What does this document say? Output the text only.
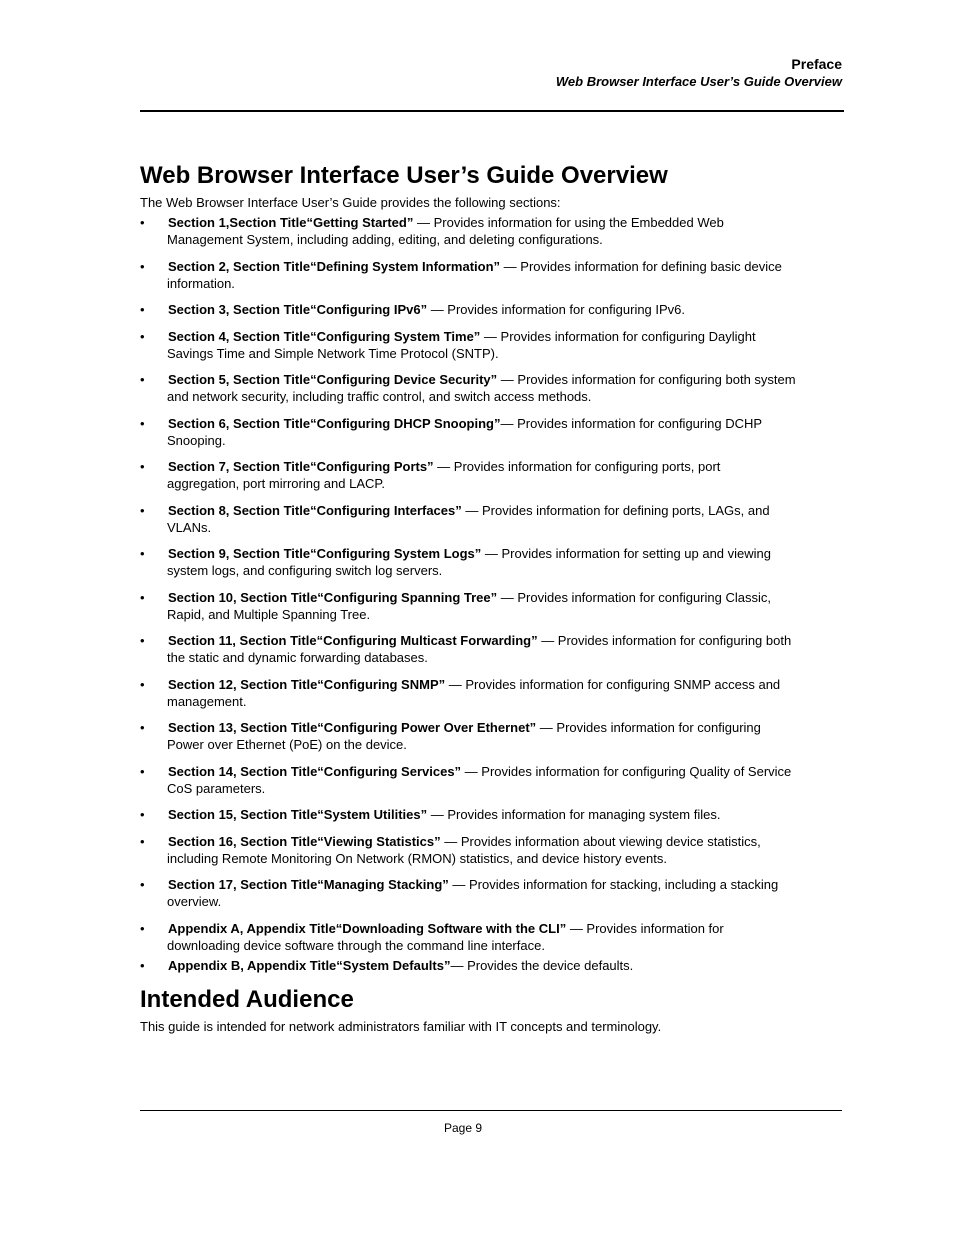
Preface
Web Browser Interface User’s Guide Overview
Web Browser Interface User’s Guide Overview

The Web Browser Interface User’s Guide provides the following sections:

•	Section 1,Section Title“Getting Started” — Provides information for using the Embedded Web
Management System, including adding, editing, and deleting configurations.
•	Section 2, Section Title“Defining System Information” — Provides information for defining basic device
information.
•	Section 3, Section Title“Configuring IPv6” — Provides information for configuring IPv6.
•	Section 4, Section Title“Configuring System Time” — Provides information for configuring Daylight
Savings Time and Simple Network Time Protocol (SNTP).
•	Section 5, Section Title“Configuring Device Security” — Provides information for configuring both system
and network security, including traffic control, and switch access methods.
•	Section 6, Section Title“Configuring DHCP Snooping”— Provides information for configuring DCHP
Snooping.
•	Section 7, Section Title“Configuring Ports” — Provides information for configuring ports, port
aggregation, port mirroring and LACP.
•	Section 8, Section Title“Configuring Interfaces” — Provides information for defining ports, LAGs, and
VLANs.
•	Section 9, Section Title“Configuring System Logs” — Provides information for setting up and viewing
system logs, and configuring switch log servers.
•	Section 10, Section Title“Configuring Spanning Tree” — Provides information for configuring Classic,
Rapid, and Multiple Spanning Tree.
•	Section 11, Section Title“Configuring Multicast Forwarding” — Provides information for configuring both
the static and dynamic forwarding databases.
•	Section 12, Section Title“Configuring SNMP” — Provides information for configuring SNMP access and
management.
•	Section 13, Section Title“Configuring Power Over Ethernet” — Provides information for configuring
Power over Ethernet (PoE) on the device.
•	Section 14, Section Title“Configuring Services” — Provides information for configuring Quality of Service
CoS parameters.
•	Section 15, Section Title“System Utilities” — Provides information for managing system files.
•	Section 16, Section Title“Viewing Statistics” — Provides information about viewing device statistics,
including Remote Monitoring On Network (RMON) statistics, and device history events.
•	Section 17, Section Title“Managing Stacking” — Provides information for stacking, including a stacking
overview.
•	Appendix A, Appendix Title“Downloading Software with the CLI” — Provides information for
downloading device software through the command line interface.
•	Appendix B, Appendix Title“System Defaults”— Provides the device defaults.
Intended Audience

This guide is intended for network administrators familiar with IT concepts and terminology.

Page 9
